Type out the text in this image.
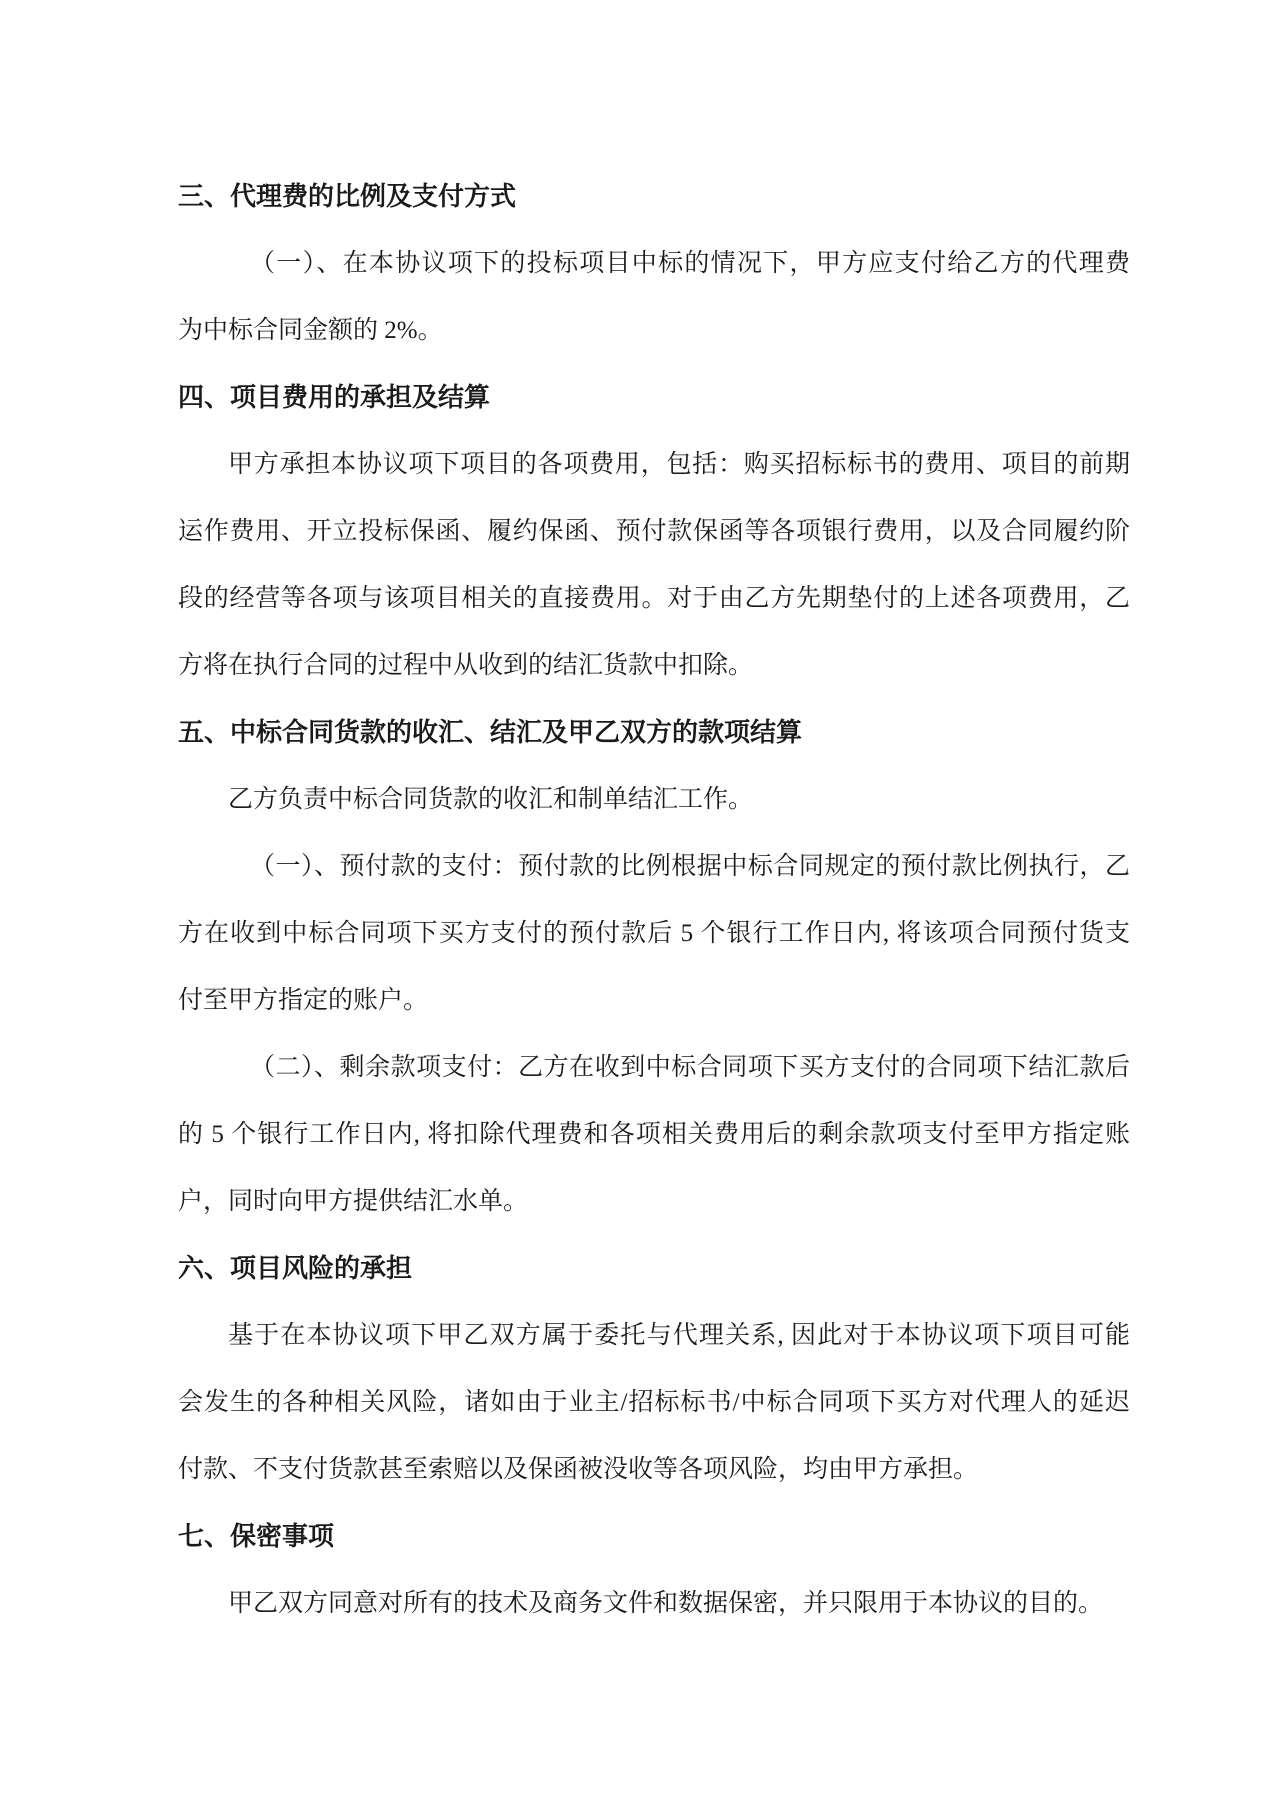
三、代理费的比例及支付方式
（一）、在本协议项下的投标项目中标的情况下，甲方应支付给乙方的代理费
为中标合同金额的 2%。
四、项目费用的承担及结算
甲方承担本协议项下项目的各项费用，包括：购买招标标书的费用、项目的前期
运作费用、开立投标保函、履约保函、预付款保函等各项银行费用，以及合同履约阶
段的经营等各项与该项目相关的直接费用。对于由乙方先期垫付的上述各项费用，乙
方将在执行合同的过程中从收到的结汇货款中扣除。
五、中标合同货款的收汇、结汇及甲乙双方的款项结算
乙方负责中标合同货款的收汇和制单结汇工作。
（一）、预付款的支付：预付款的比例根据中标合同规定的预付款比例执行，乙
方在收到中标合同项下买方支付的预付款后 5 个银行工作日内, 将该项合同预付货支
付至甲方指定的账户。
（二）、剩余款项支付：乙方在收到中标合同项下买方支付的合同项下结汇款后
的 5 个银行工作日内, 将扣除代理费和各项相关费用后的剩余款项支付至甲方指定账
户，同时向甲方提供结汇水单。
六、项目风险的承担
基于在本协议项下甲乙双方属于委托与代理关系, 因此对于本协议项下项目可能
会发生的各种相关风险，诸如由于业主/招标标书/中标合同项下买方对代理人的延迟
付款、不支付货款甚至索赔以及保函被没收等各项风险，均由甲方承担。
七、保密事项
甲乙双方同意对所有的技术及商务文件和数据保密，并只限用于本协议的目的。
